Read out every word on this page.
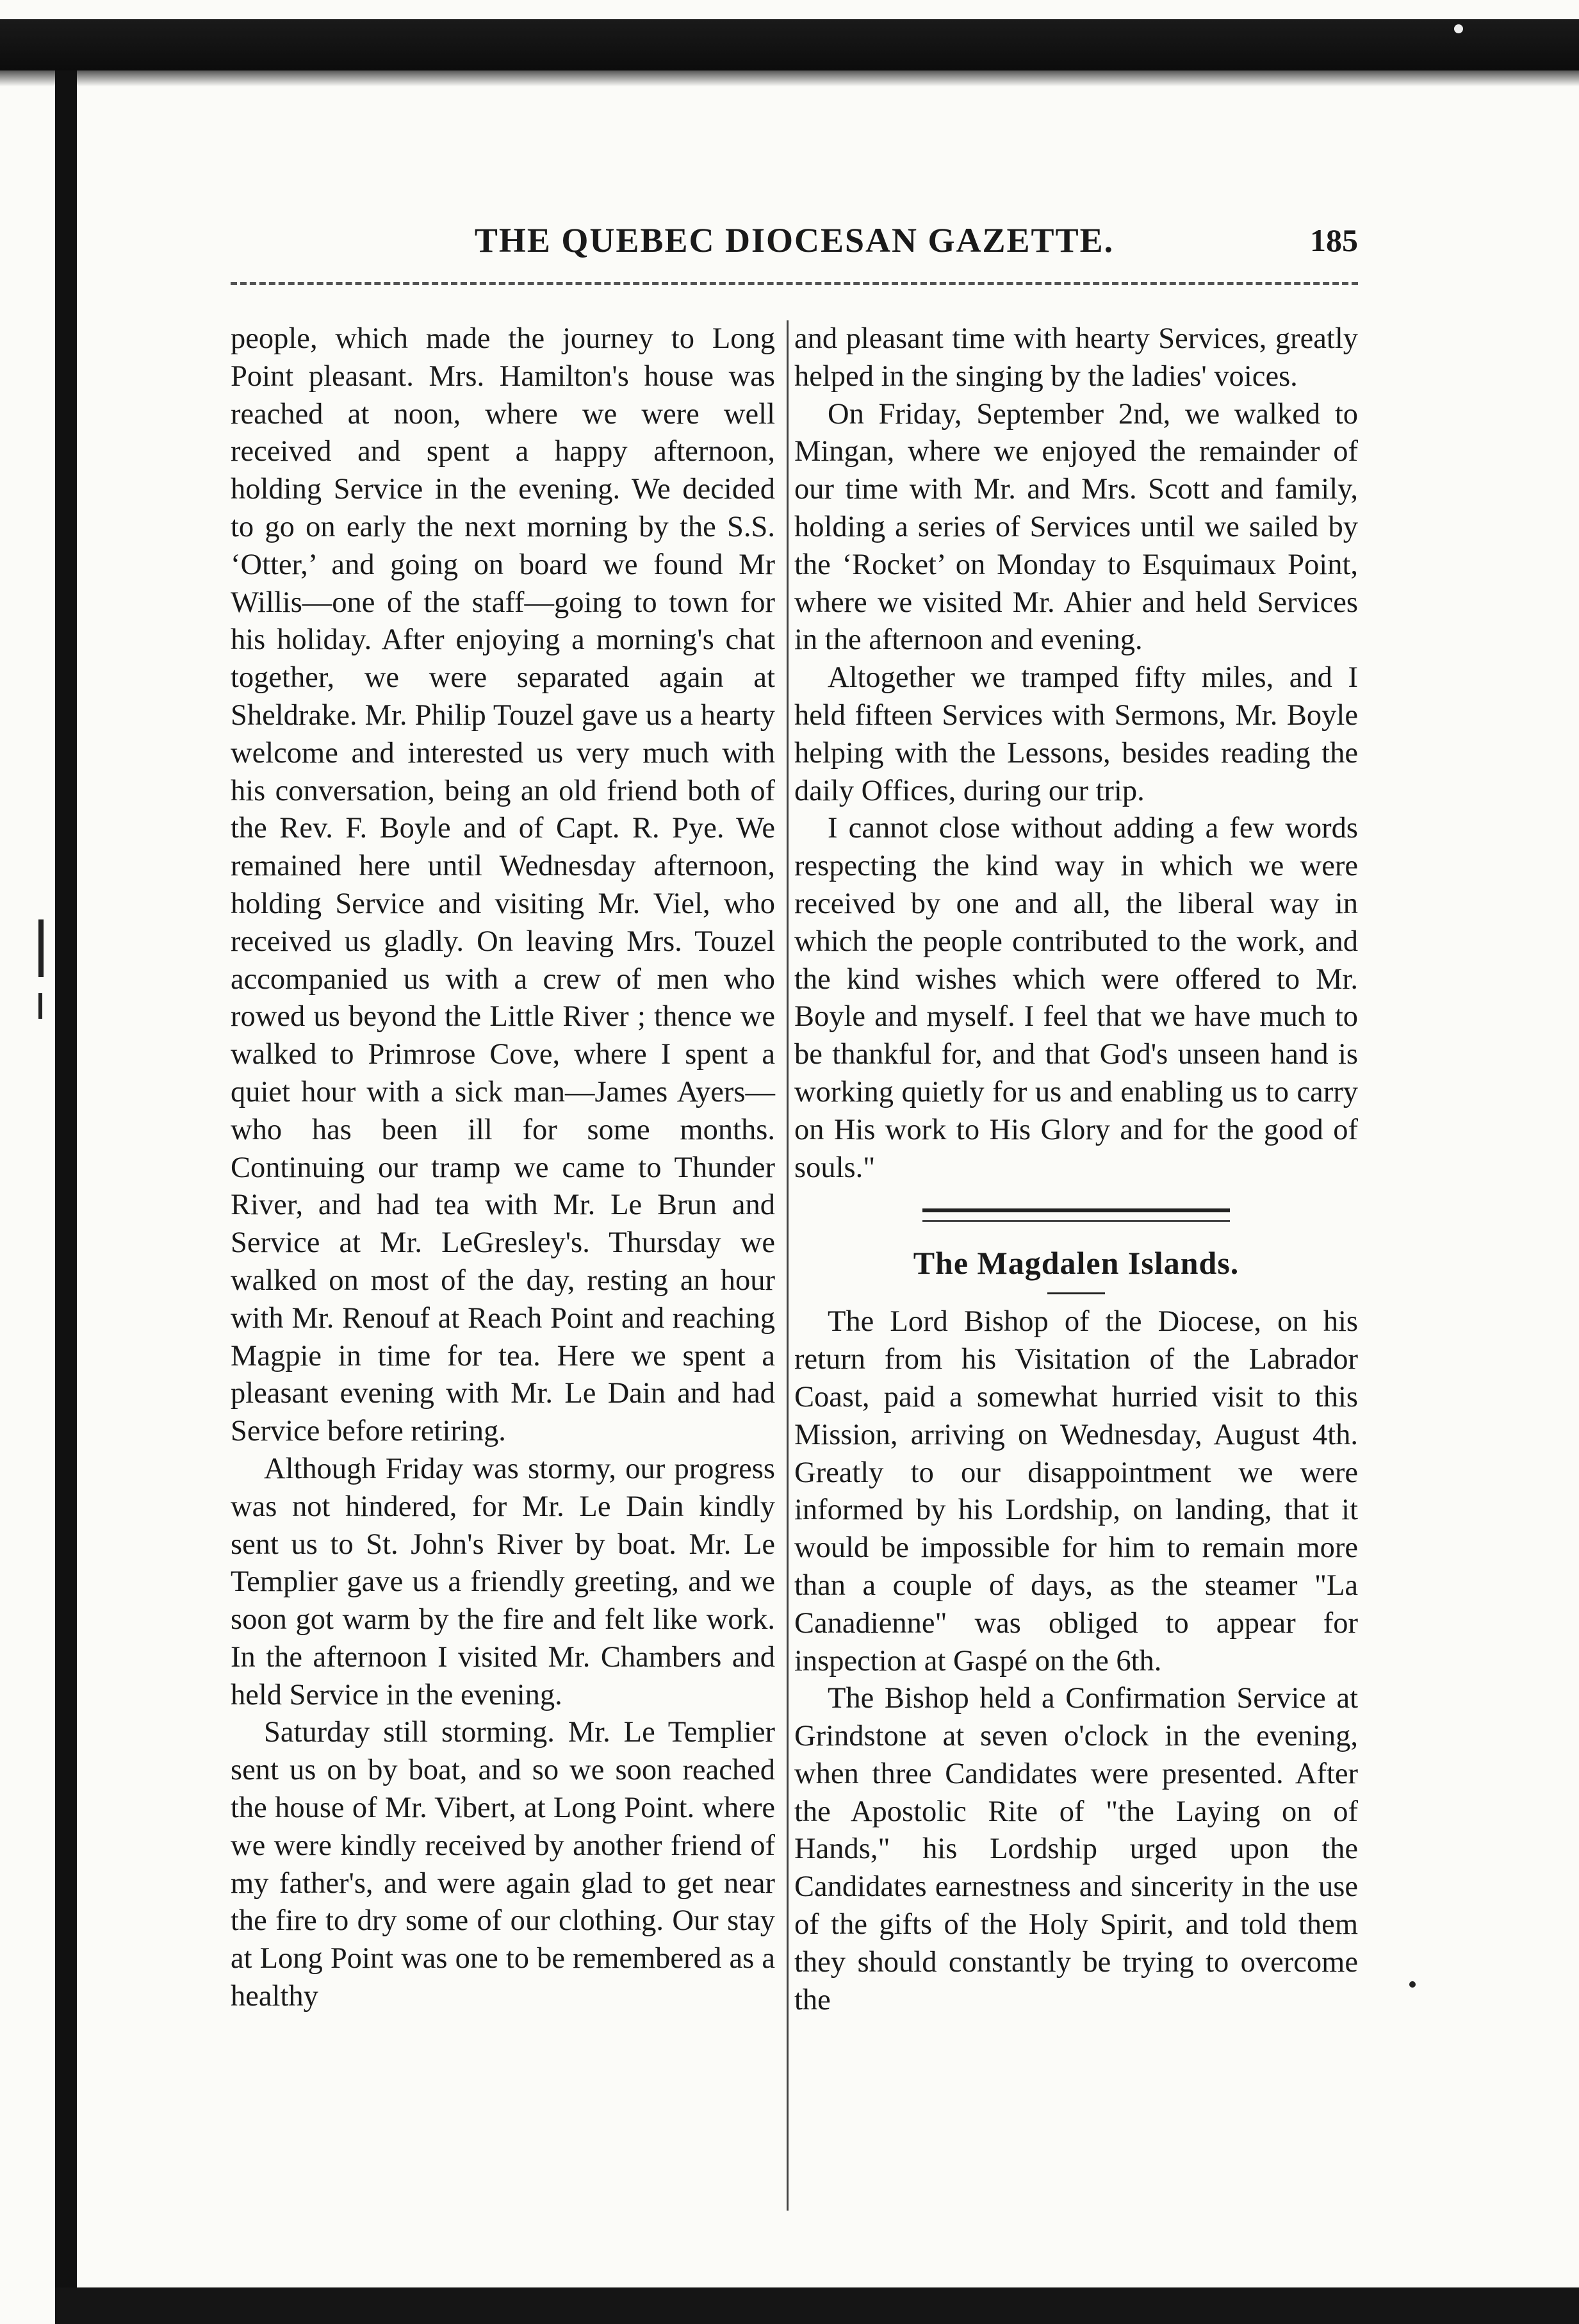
THE QUEBEC DIOCESAN GAZETTE.	185

people, which made the journey to Long Point pleasant. Mrs. Hamilton's house was reached at noon, where we were well received and spent a happy afternoon, holding Service in the evening. We decided to go on early the next morning by the S.S. ‘Otter,’ and going on board we found Mr Willis—one of the staff—going to town for his holiday. After enjoying a morning's chat together, we were separated again at Sheldrake. Mr. Philip Touzel gave us a hearty welcome and interested us very much with his conversation, being an old friend both of the Rev. F. Boyle and of Capt. R. Pye. We remained here until Wednesday afternoon, holding Service and visiting Mr. Viel, who received us gladly. On leaving Mrs. Touzel accompanied us with a crew of men who rowed us beyond the Little River ; thence we walked to Primrose Cove, where I spent a quiet hour with a sick man—James Ayers—who has been ill for some months. Continuing our tramp we came to Thunder River, and had tea with Mr. Le Brun and Service at Mr. LeGresley's. Thursday we walked on most of the day, resting an hour with Mr. Renouf at Reach Point and reaching Magpie in time for tea. Here we spent a pleasant evening with Mr. Le Dain and had Service before retiring.

Although Friday was stormy, our progress was not hindered, for Mr. Le Dain kindly sent us to St. John's River by boat. Mr. Le Templier gave us a friendly greeting, and we soon got warm by the fire and felt like work. In the afternoon I visited Mr. Chambers and held Service in the evening.

Saturday still storming. Mr. Le Templier sent us on by boat, and so we soon reached the house of Mr. Vibert, at Long Point. where we were kindly received by another friend of my father's, and were again glad to get near the fire to dry some of our clothing. Our stay at Long Point was one to be remembered as a healthy

and pleasant time with hearty Services, greatly helped in the singing by the ladies' voices.

On Friday, September 2nd, we walked to Mingan, where we enjoyed the remainder of our time with Mr. and Mrs. Scott and family, holding a series of Services until we sailed by the ‘Rocket’ on Monday to Esquimaux Point, where we visited Mr. Ahier and held Services in the afternoon and evening.

Altogether we tramped fifty miles, and I held fifteen Services with Sermons, Mr. Boyle helping with the Lessons, besides reading the daily Offices, during our trip.

I cannot close without adding a few words respecting the kind way in which we were received by one and all, the liberal way in which the people contributed to the work, and the kind wishes which were offered to Mr. Boyle and myself. I feel that we have much to be thankful for, and that God's unseen hand is working quietly for us and enabling us to carry on His work to His Glory and for the good of souls."

The Magdalen Islands.

The Lord Bishop of the Diocese, on his return from his Visitation of the Labrador Coast, paid a somewhat hurried visit to this Mission, arriving on Wednesday, August 4th. Greatly to our disappointment we were informed by his Lordship, on landing, that it would be impossible for him to remain more than a couple of days, as the steamer "La Canadienne" was obliged to appear for inspection at Gaspé on the 6th.

The Bishop held a Confirmation Service at Grindstone at seven o'clock in the evening, when three Candidates were presented. After the Apostolic Rite of "the Laying on of Hands," his Lordship urged upon the Candidates earnestness and sincerity in the use of the gifts of the Holy Spirit, and told them they should constantly be trying to overcome the
